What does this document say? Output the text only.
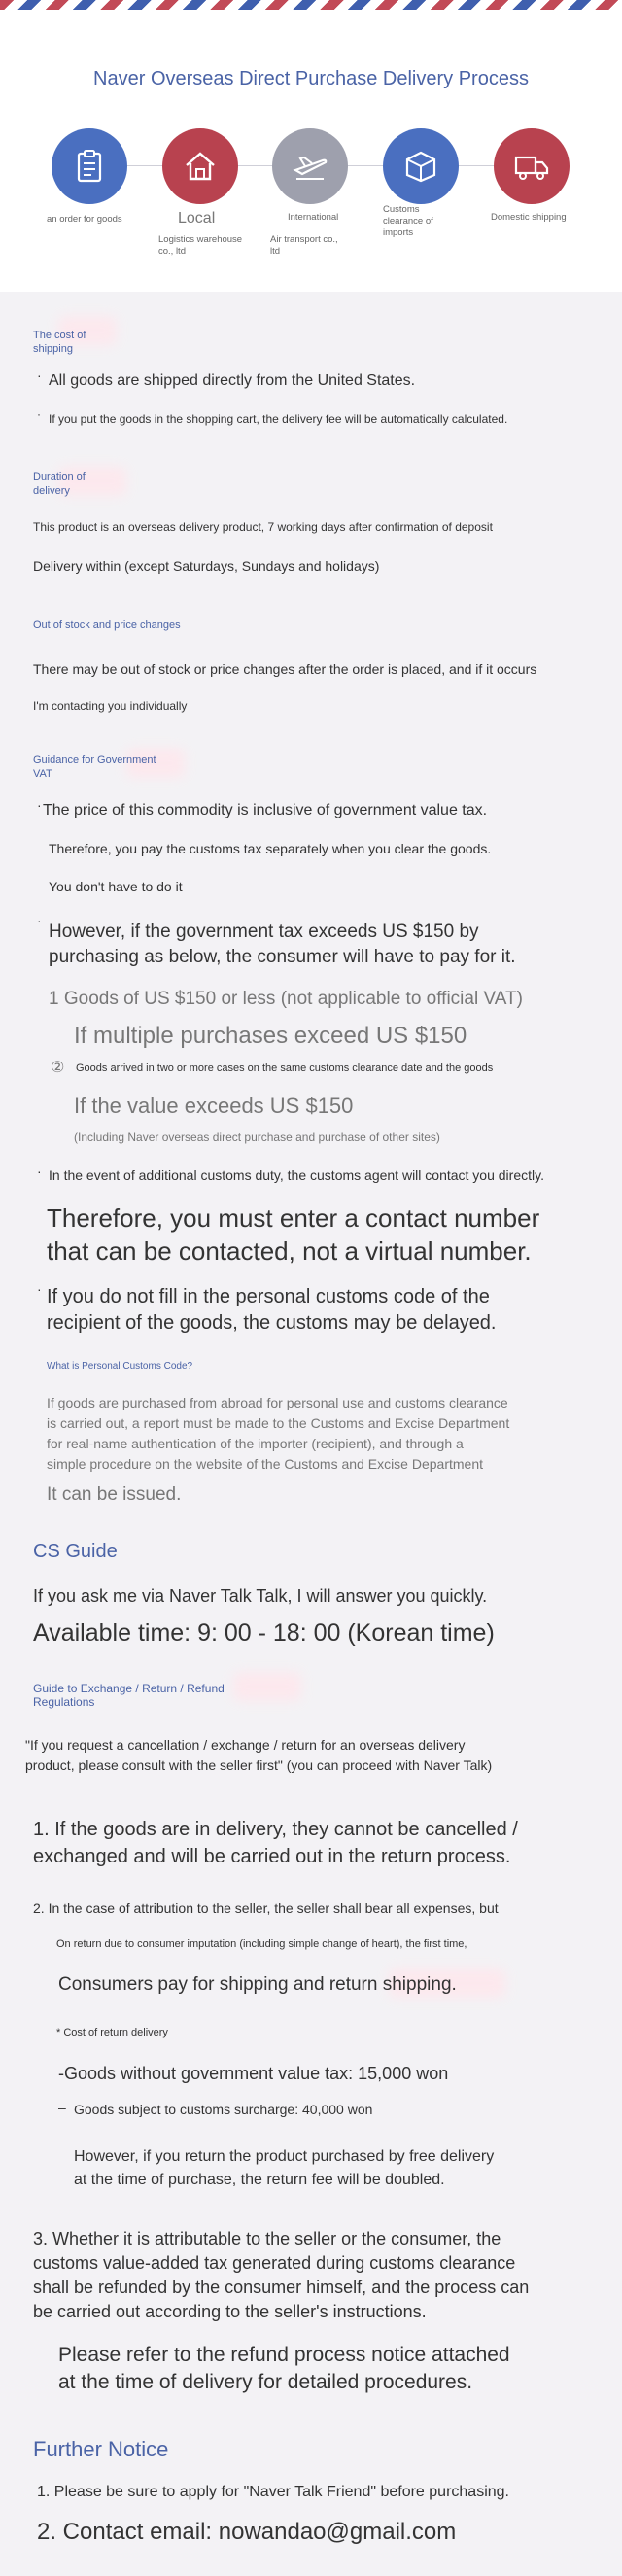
Naver Overseas Direct Purchase Delivery Process
an order for goods	Local
Logistics warehouse co., ltd
International
Air transport co., ltd
Customs clearance of imports
Domestic shipping
The cost of shipping
· All goods are shipped directly from the United States.
· If you put the goods in the shopping cart, the delivery fee will be automatically calculated.
Duration of delivery
This product is an overseas delivery product, 7 working days after confirmation of deposit
Delivery within (except Saturdays, Sundays and holidays)
Out of stock and price changes
There may be out of stock or price changes after the order is placed, and if it occurs
I'm contacting you individually
Guidance for Government VAT
· The price of this commodity is inclusive of government value tax.
Therefore, you pay the customs tax separately when you clear the goods.
You don't have to do it
·
However, if the government tax exceeds US $150 by
purchasing as below, the consumer will have to pay for it.
1 Goods of US $150 or less (not applicable to official VAT)
If multiple purchases exceed US $150
② Goods arrived in two or more cases on the same customs clearance date and the goods
If the value exceeds US $150
(Including Naver overseas direct purchase and purchase of other sites)
· In the event of additional customs duty, the customs agent will contact you directly.
Therefore, you must enter a contact number
that can be contacted, not a virtual number.
· If you do not fill in the personal customs code of the
recipient of the goods, the customs may be delayed.
What is Personal Customs Code?
If goods are purchased from abroad for personal use and customs clearance
is carried out, a report must be made to the Customs and Excise Department
for real-name authentication of the importer (recipient), and through a
simple procedure on the website of the Customs and Excise Department
It can be issued.
CS Guide
If you ask me via Naver Talk Talk, I will answer you quickly.
Available time: 9: 00 - 18: 00 (Korean time)
Guide to Exchange / Return / Refund Regulations
"If you request a cancellation / exchange / return for an overseas delivery
product, please consult with the seller first" (you can proceed with Naver Talk)
1. If the goods are in delivery, they cannot be cancelled /
exchanged and will be carried out in the return process.
2. In the case of attribution to the seller, the seller shall bear all expenses, but
On return due to consumer imputation (including simple change of heart), the first time,
Consumers pay for shipping and return shipping.
* Cost of return delivery
-Goods without government value tax: 15,000 won
– Goods subject to customs surcharge: 40,000 won
However, if you return the product purchased by free delivery
at the time of purchase, the return fee will be doubled.
3. Whether it is attributable to the seller or the consumer, the
customs value-added tax generated during customs clearance
shall be refunded by the consumer himself, and the process can
be carried out according to the seller's instructions.
Please refer to the refund process notice attached
at the time of delivery for detailed procedures.
Further Notice
1. Please be sure to apply for "Naver Talk Friend" before purchasing.
2. Contact email: nowandao@gmail.com
